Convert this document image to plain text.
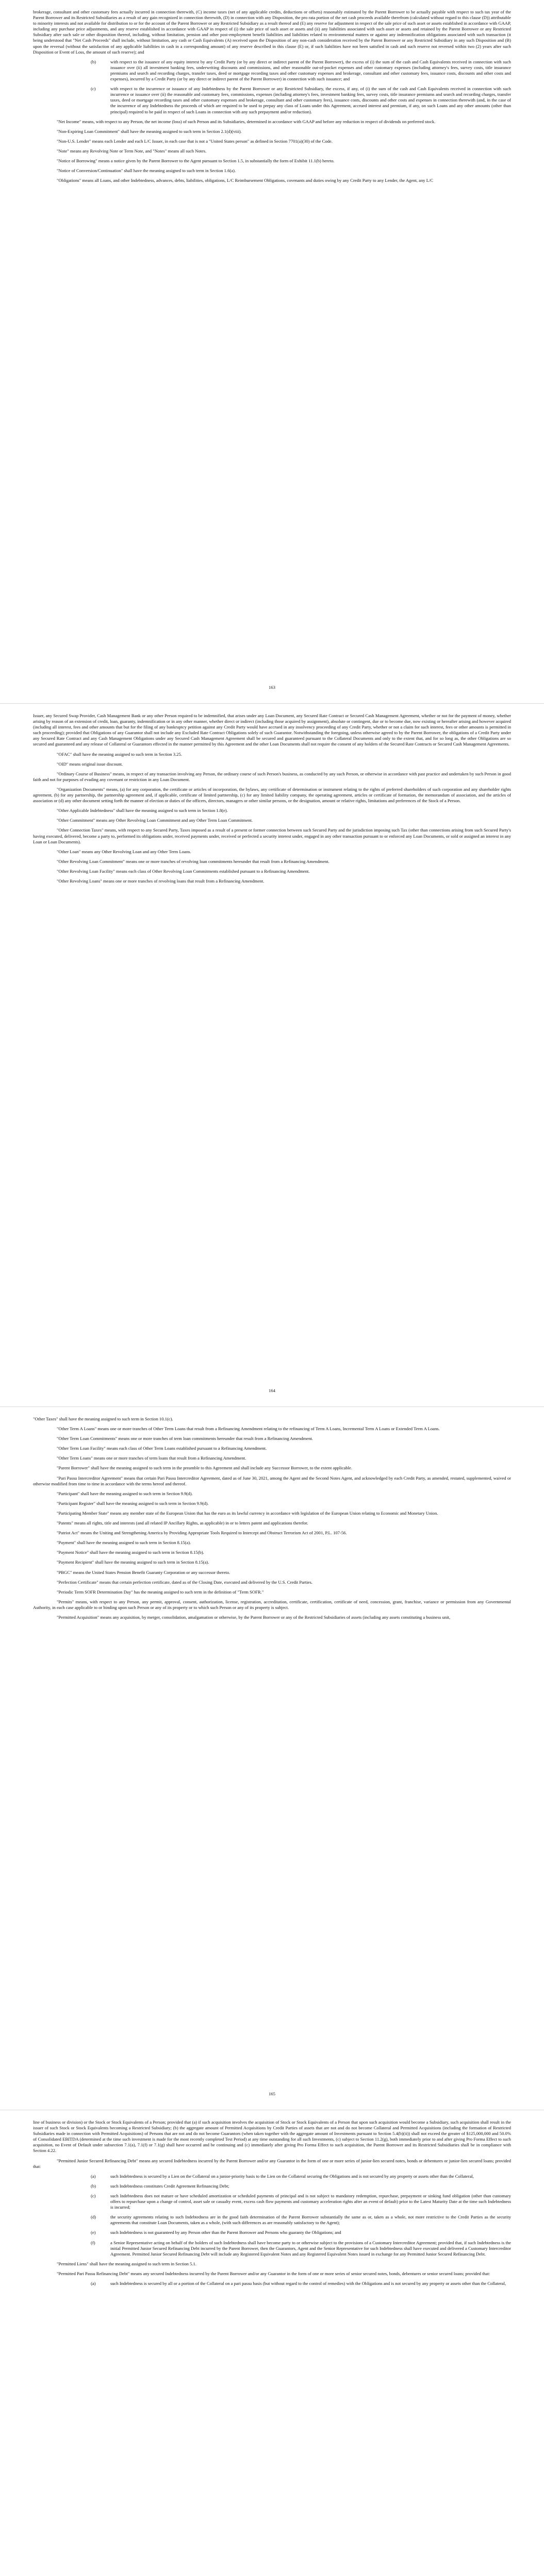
brokerage, consultant and other customary fees actually incurred in connection therewith, (C) income taxes (net of any applicable credits, deductions or offsets) reasonably estimated by the Parent Borrower to be actually payable with respect to such tax year of the Parent Borrower and its Restricted Subsidiaries as a result of any gain recognized in connection therewith, (D) in connection with any Disposition, the pro rata portion of the net cash proceeds available therefrom (calculated without regard to this clause (D)) attributable to minority interests and not available for distribution to or for the account of the Parent Borrower or any Restricted Subsidiary as a result thereof and (E) any reserve for adjustment in respect of the sale price of such asset or assets established in accordance with GAAP, including any purchase price adjustments, and any reserve established in accordance with GAAP in respect of (i) the sale price of such asset or assets and (ii) any liabilities associated with such asset or assets and retained by the Parent Borrower or any Restricted Subsidiary after such sale or other disposition thereof, including, without limitation, pension and other post-employment benefit liabilities and liabilities related to environmental matters or against any indemnification obligations associated with such transaction (it being understood that "Net Cash Proceeds" shall include, without limitation, any cash or Cash Equivalents (A) received upon the Disposition of any non-cash consideration received by the Parent Borrower or any Restricted Subsidiary in any such Disposition and (B) upon the reversal (without the satisfaction of any applicable liabilities in cash in a corresponding amount) of any reserve described in this clause (E) or, if such liabilities have not been satisfied in cash and such reserve not reversed within two (2) years after such Disposition or Event of Loss, the amount of such reserve); and

(b)	with respect to the issuance of any equity interest by any Credit Party (or by any direct or indirect parent of the Parent Borrower), the excess of (i) the sum of the cash and Cash Equivalents received in connection with such issuance over (ii) all investment banking fees, underwriting discounts and commissions, and other reasonable out-of-pocket expenses and other customary expenses (including attorney's fees, survey costs, title insurance premiums and search and recording charges, transfer taxes, deed or mortgage recording taxes and other customary expenses and brokerage, consultant and other customary fees, issuance costs, discounts and other costs and expenses), incurred by a Credit Party (or by any direct or indirect parent of the Parent Borrower) in connection with such issuance; and
(c)	with respect to the incurrence or issuance of any Indebtedness by the Parent Borrower or any Restricted Subsidiary, the excess, if any, of (i) the sum of the cash and Cash Equivalents received in connection with such incurrence or issuance over (ii) the reasonable and customary fees, commissions, expenses (including attorney's fees, investment banking fees, survey costs, title insurance premiums and search and recording charges, transfer taxes, deed or mortgage recording taxes and other customary expenses and brokerage, consultant and other customary fees), issuance costs, discounts and other costs and expenses in connection therewith (and, in the case of the incurrence of any Indebtedness the proceeds of which are required to be used to prepay any class of Loans under this Agreement, accrued interest and premium, if any, on such Loans and any other amounts (other than principal) required to be paid in respect of such Loans in connection with any such prepayment and/or reduction).

"Net Income" means, with respect to any Person, the net income (loss) of such Person and its Subsidiaries, determined in accordance with GAAP and before any reduction in respect of dividends on preferred stock.

"Non-Expiring Loan Commitment" shall have the meaning assigned to such term in Section 2.1(d)(viii).

"Non-U.S. Lender" means each Lender and each L/C Issuer, in each case that is not a "United States person" as defined in Section 7701(a)(30) of the Code.

"Note" means any Revolving Note or Term Note, and "Notes" means all such Notes.

"Notice of Borrowing" means a notice given by the Parent Borrower to the Agent pursuant to Section 1.5, in substantially the form of Exhibit 11.1(b) hereto.

"Notice of Conversion/Continuation" shall have the meaning assigned to such term in Section 1.6(a).

"Obligations" means all Loans, and other Indebtedness, advances, debts, liabilities, obligations, L/C Reimbursement Obligations, covenants and duties owing by any Credit Party to any Lender, the Agent, any L/C

163

Issuer, any Secured Swap Provider, Cash Management Bank or any other Person required to be indemnified, that arises under any Loan Document, any Secured Rate Contract or Secured Cash Management Agreement, whether or not for the payment of money, whether arising by reason of an extension of credit, loan, guaranty, indemnification or in any other manner, whether direct or indirect (including those acquired by assignment), absolute or contingent, due or to become due, now existing or hereafter arising and however acquired (including all interest, fees and other amounts that but for the filing of any bankruptcy petition against any Credit Party would have accrued in any insolvency proceeding of any Credit Party, whether or not a claim for such interest, fees or other amounts is permitted in such proceeding); provided that Obligations of any Guarantor shall not include any Excluded Rate Contract Obligations solely of such Guarantor. Notwithstanding the foregoing, unless otherwise agreed to by the Parent Borrower, the obligations of a Credit Party under any Secured Rate Contract and any Cash Management Obligations under any Secured Cash Management Agreement shall be secured and guaranteed pursuant to the Collateral Documents and only to the extent that, and for so long as, the other Obligations are so secured and guaranteed and any release of Collateral or Guarantors effected in the manner permitted by this Agreement and the other Loan Documents shall not require the consent of any holders of the Secured Rate Contracts or Secured Cash Management Agreements.

"OFAC" shall have the meaning assigned to such term in Section 3.25.

"OID" means original issue discount.

"Ordinary Course of Business" means, in respect of any transaction involving any Person, the ordinary course of such Person's business, as conducted by any such Person, or otherwise in accordance with past practice and undertaken by such Person in good faith and not for purposes of evading any covenant or restriction in any Loan Document.

"Organization Documents" means, (a) for any corporation, the certificate or articles of incorporation, the bylaws, any certificate of determination or instrument relating to the rights of preferred shareholders of such corporation and any shareholder rights agreement, (b) for any partnership, the partnership agreement and, if applicable, certificate of limited partnership, (c) for any limited liability company, the operating agreement, articles or certificate of formation, the memorandum of association, and the articles of association or (d) any other document setting forth the manner of election or duties of the officers, directors, managers or other similar persons, or the designation, amount or relative rights, limitations and preferences of the Stock of a Person.

"Other Applicable Indebtedness" shall have the meaning assigned to such term in Section 1.8(e).

"Other Commitment" means any Other Revolving Loan Commitment and any Other Term Loan Commitment.

"Other Connection Taxes" means, with respect to any Secured Party, Taxes imposed as a result of a present or former connection between such Secured Party and the jurisdiction imposing such Tax (other than connections arising from such Secured Party's having executed, delivered, become a party to, performed its obligations under, received payments under, received or perfected a security interest under, engaged in any other transaction pursuant to or enforced any Loan Documents, or sold or assigned an interest in any Loan or Loan Documents).

"Other Loan" means any Other Revolving Loan and any Other Term Loans.

"Other Revolving Loan Commitment" means one or more tranches of revolving loan commitments hereunder that result from a Refinancing Amendment.

"Other Revolving Loan Facility" means each class of Other Revolving Loan Commitments established pursuant to a Refinancing Amendment.

"Other Revolving Loans" means one or more tranches of revolving loans that result from a Refinancing Amendment.

164

"Other Taxes" shall have the meaning assigned to such term in Section 10.1(c).

"Other Term A Loans" means one or more tranches of Other Term Loans that result from a Refinancing Amendment relating to the refinancing of Term A Loans, Incremental Term A Loans or Extended Term A Loans.

"Other Term Loan Commitments" means one or more tranches of term loan commitments hereunder that result from a Refinancing Amendment.

"Other Term Loan Facility" means each class of Other Term Loans established pursuant to a Refinancing Amendment.

"Other Term Loans" means one or more tranches of term loans that result from a Refinancing Amendment.

"Parent Borrower" shall have the meaning assigned to such term in the preamble to this Agreement and shall include any Successor Borrower, to the extent applicable.

"Pari Passu Intercreditor Agreement" means that certain Pari Passu Intercreditor Agreement, dated as of June 30, 2021, among the Agent and the Second Notes Agent, and acknowledged by each Credit Party, as amended, restated, supplemented, waived or otherwise modified from time to time in accordance with the terms hereof and thereof.

"Participant" shall have the meaning assigned to such term in Section 9.9(d).

"Participant Register" shall have the meaning assigned to such term in Section 9.9(d).

"Participating Member State" means any member state of the European Union that has the euro as its lawful currency in accordance with legislation of the European Union relating to Economic and Monetary Union.

"Patents" means all rights, title and interests (and all related IP Ancillary Rights, as applicable) in or to letters patent and applications therefor.

"Patriot Act" means the Uniting and Strengthening America by Providing Appropriate Tools Required to Intercept and Obstruct Terrorism Act of 2001, P.L. 107-56.

"Payment" shall have the meaning assigned to such term in Section 8.15(a).

"Payment Notice" shall have the meaning assigned to such term in Section 8.15(b).

"Payment Recipient" shall have the meaning assigned to such term in Section 8.15(a).

"PBGC" means the United States Pension Benefit Guaranty Corporation or any successor thereto.

"Perfection Certificate" means that certain perfection certificate, dated as of the Closing Date, executed and delivered by the U.S. Credit Parties.

"Periodic Term SOFR Determination Day" has the meaning assigned to such term in the definition of "Term SOFR."

"Permits" means, with respect to any Person, any permit, approval, consent, authorization, license, registration, accreditation, certificate, certification, certificate of need, concession, grant, franchise, variance or permission from any Governmental Authority, in each case applicable to or binding upon such Person or any of its property or to which such Person or any of its property is subject.

"Permitted Acquisition" means any acquisition, by merger, consolidation, amalgamation or otherwise, by the Parent Borrower or any of the Restricted Subsidiaries of assets (including any assets constituting a business unit,

165

line of business or division) or the Stock or Stock Equivalents of a Person; provided that (a) if such acquisition involves the acquisition of Stock or Stock Equivalents of a Person that upon such acquisition would become a Subsidiary, such acquisition shall result in the issuer of such Stock or Stock Equivalents becoming a Restricted Subsidiary; (b) the aggregate amount of Permitted Acquisitions by Credit Parties of assets that are not and do not become Collateral and Permitted Acquisitions (including the formation of Restricted Subsidiaries made in connection with Permitted Acquisitions) of Persons that are not and do not become Guarantors (when taken together with the aggregate amount of Investments pursuant to Section 5.4(b)(ii)) shall not exceed the greater of $125,000,000 and 50.0% of Consolidated EBITDA (determined at the time such investment is made for the most recently completed Test Period) at any time outstanding for all such Investments, (c) subject to Section 11.2(g), both immediately prior to and after giving Pro Forma Effect to such acquisition, no Event of Default under subsection 7.1(a), 7.1(f) or 7.1(g) shall have occurred and be continuing and (c) immediately after giving Pro Forma Effect to such acquisition, the Parent Borrower and its Restricted Subsidiaries shall be in compliance with Section 4.22.

"Permitted Junior Secured Refinancing Debt" means any secured Indebtedness incurred by the Parent Borrower and/or any Guarantor in the form of one or more series of junior-lien secured notes, bonds or debentures or junior-lien secured loans; provided that:

(a)	such Indebtedness is secured by a Lien on the Collateral on a junior-priority basis to the Lien on the Collateral securing the Obligations and is not secured by any property or assets other than the Collateral,
(b)	such Indebtedness constitutes Credit Agreement Refinancing Debt;
(c)	such Indebtedness does not mature or have scheduled amortization or scheduled payments of principal and is not subject to mandatory redemption, repurchase, prepayment or sinking fund obligation (other than customary offers to repurchase upon a change of control, asset sale or casualty event, excess cash flow payments and customary acceleration rights after an event of default) prior to the Latest Maturity Date at the time such Indebtedness is incurred;
(d)	the security agreements relating to such Indebtedness are in the good faith determination of the Parent Borrower substantially the same as or, taken as a whole, not more restrictive to the Credit Parties as the security agreements that constitute Loan Documents, taken as a whole, (with such differences as are reasonably satisfactory to the Agent);
(e)	such Indebtedness is not guaranteed by any Person other than the Parent Borrower and Persons who guaranty the Obligations; and
(f)	a Senior Representative acting on behalf of the holders of such Indebtedness shall have become party to or otherwise subject to the provisions of a Customary Intercreditor Agreement; provided that, if such Indebtedness is the initial Permitted Junior Secured Refinancing Debt incurred by the Parent Borrower, then the Guarantors, Agent and the Senior Representative for such Indebtedness shall have executed and delivered a Customary Intercreditor Agreement. Permitted Junior Secured Refinancing Debt will include any Registered Equivalent Notes and any Registered Equivalent Notes issued in exchange for any Permitted Junior Secured Refinancing Debt.

"Permitted Liens" shall have the meaning assigned to such term in Section 5.1.

"Permitted Pari Passu Refinancing Debt" means any secured Indebtedness incurred by the Parent Borrower and/or any Guarantor in the form of one or more series of senior secured notes, bonds, debentures or senior secured loans; provided that:

(a)	such Indebtedness is secured by all or a portion of the Collateral on a pari passu basis (but without regard to the control of remedies) with the Obligations and is not secured by any property or assets other than the Collateral,
